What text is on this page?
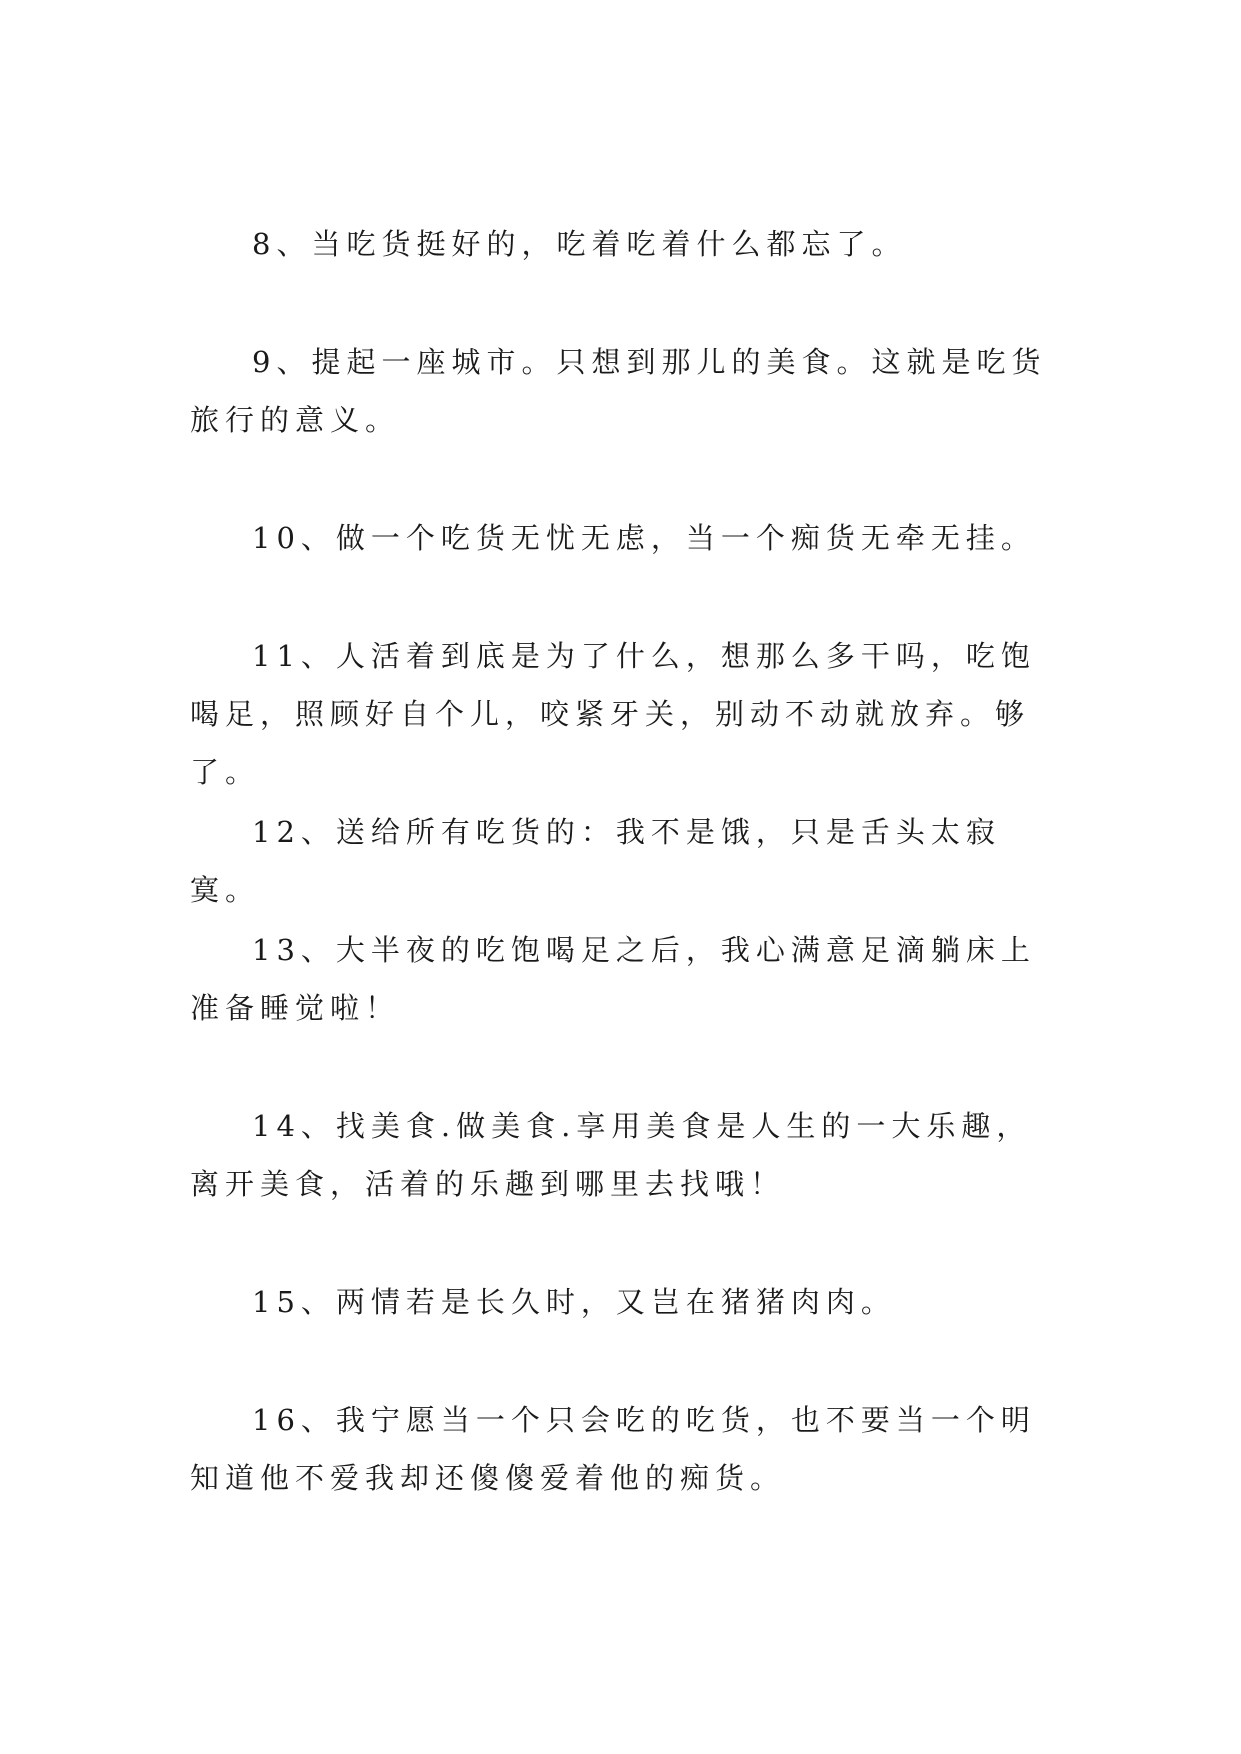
8、当吃货挺好的，吃着吃着什么都忘了。

9、提起一座城市。只想到那儿的美食。这就是吃货旅行的意义。

10、做一个吃货无忧无虑，当一个痴货无牵无挂。

11、人活着到底是为了什么，想那么多干吗，吃饱喝足，照顾好自个儿，咬紧牙关，别动不动就放弃。够了。

12、送给所有吃货的：我不是饿，只是舌头太寂寞。

13、大半夜的吃饱喝足之后，我心满意足滴躺床上准备睡觉啦！

14、找美食.做美食.享用美食是人生的一大乐趣，离开美食，活着的乐趣到哪里去找哦！

15、两情若是长久时，又岂在猪猪肉肉。

16、我宁愿当一个只会吃的吃货，也不要当一个明知道他不爱我却还傻傻爱着他的痴货。
